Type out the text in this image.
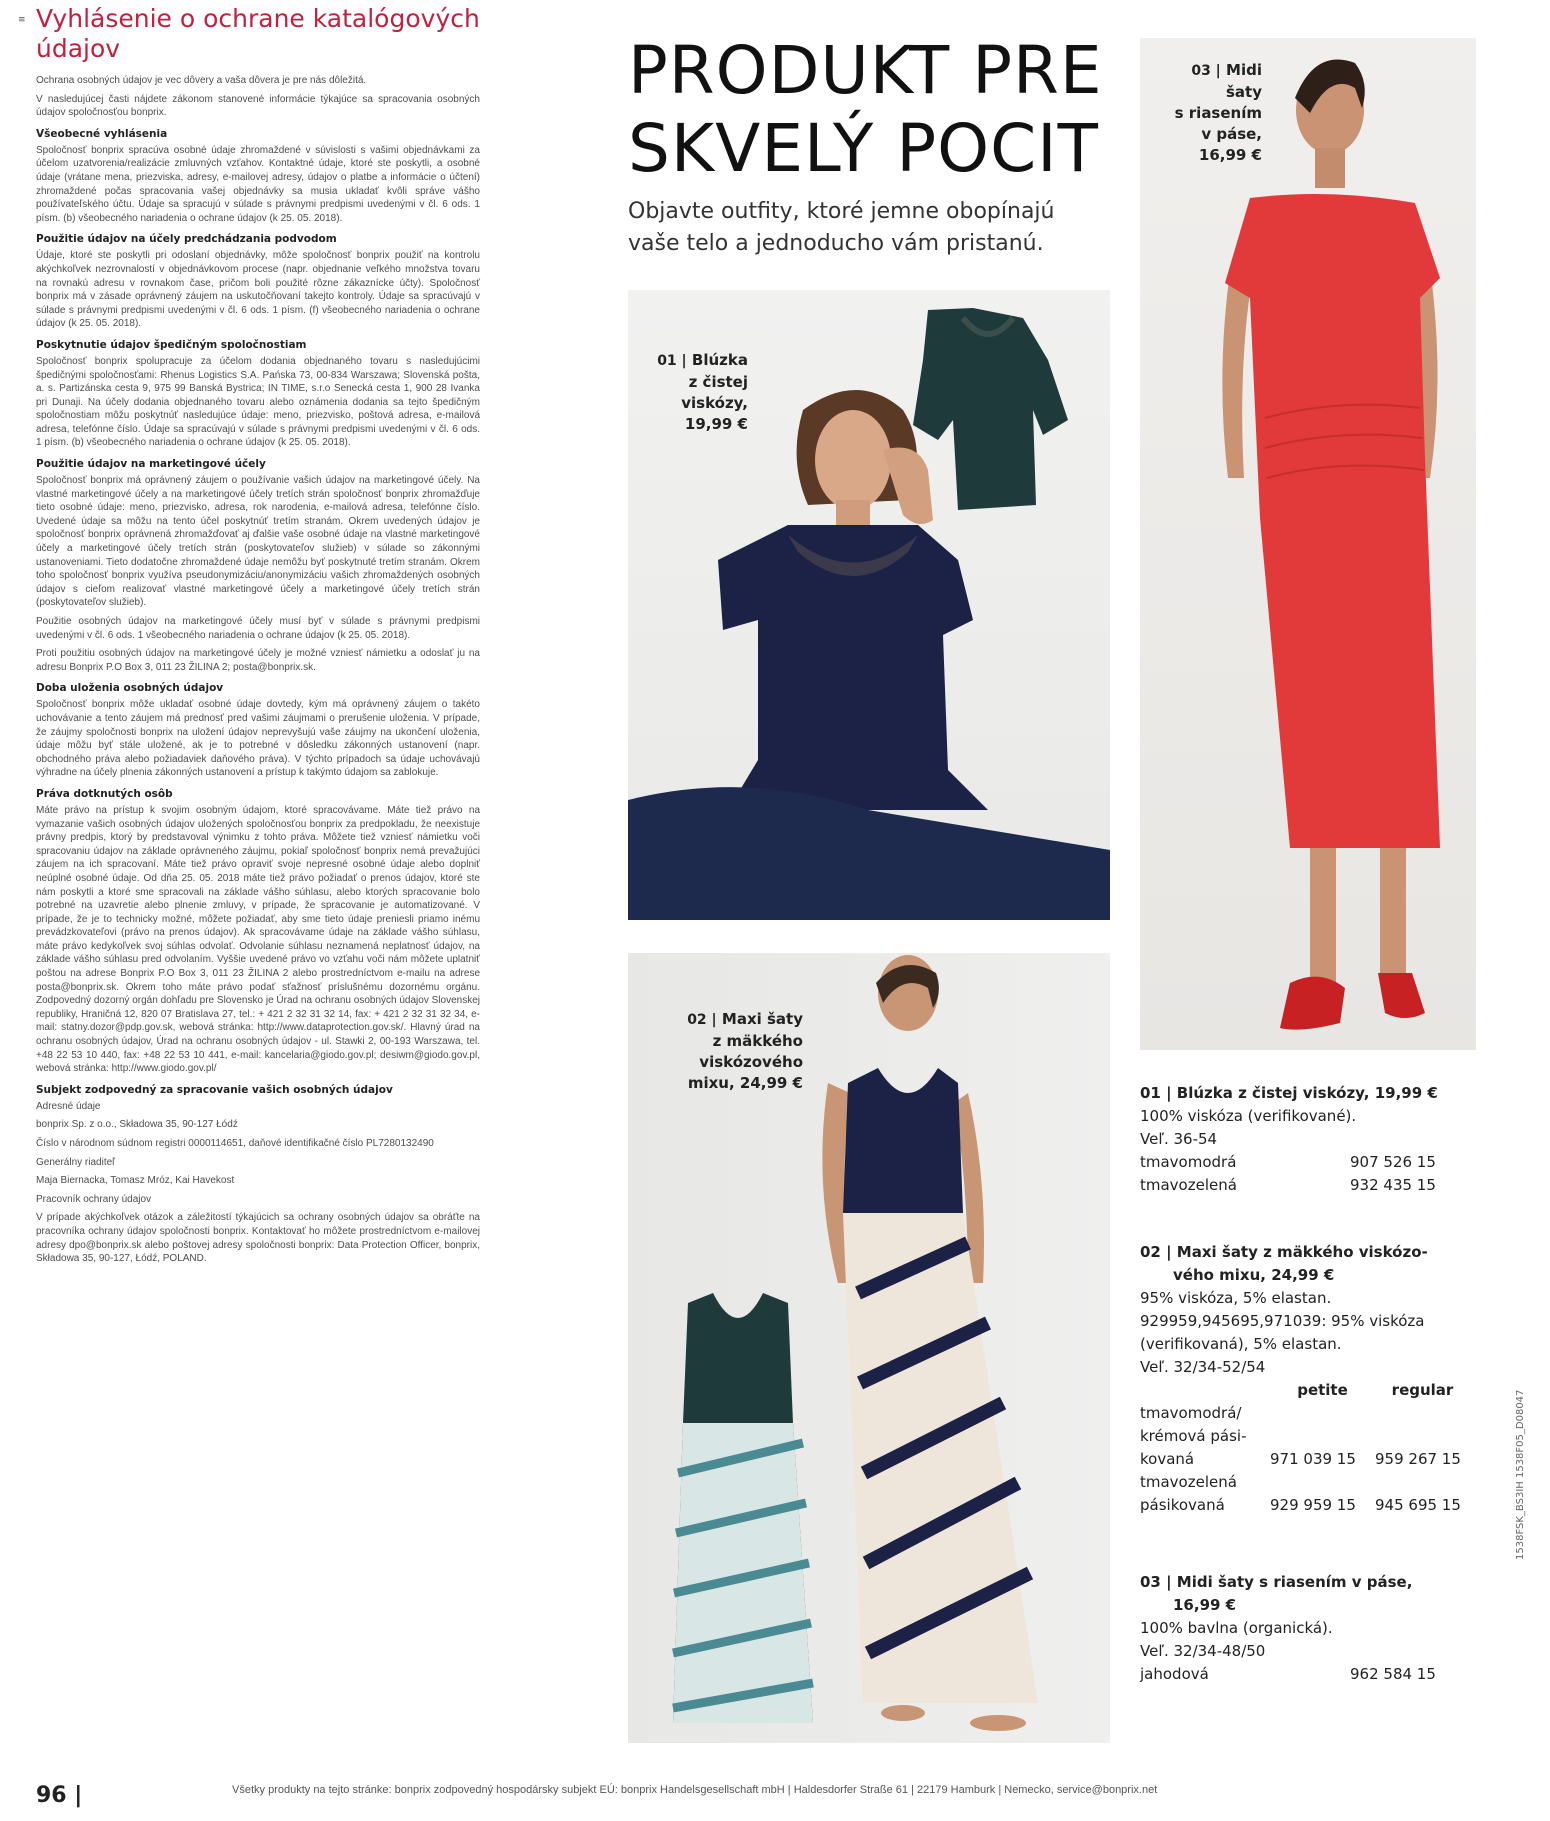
≡ Vyhlásenie o ochrane katalógových údajov

Ochrana osobných údajov je vec dôvery a vaša dôvera je pre nás dôležitá.

V nasledujúcej časti nájdete zákonom stanovené informácie týkajúce sa spracovania osobných údajov spoločnosťou bonprix.

Všeobecné vyhlásenia

Spoločnosť bonprix spracúva osobné údaje zhromaždené v súvislosti s vašimi objednávkami za účelom uzatvorenia/realizácie zmluvných vzťahov. Kontaktné údaje, ktoré ste poskytli, a osobné údaje (vrátane mena, priezviska, adresy, e-mailovej adresy, údajov o platbe a informácie o účtení) zhromaždené počas spracovania vašej objednávky sa musia ukladať kvôli správe vášho používateľského účtu. Údaje sa spracujú v súlade s právnymi predpismi uvedenými v čl. 6 ods. 1 písm. (b) všeobecného nariadenia o ochrane údajov (k 25. 05. 2018).

Použitie údajov na účely predchádzania podvodom

Údaje, ktoré ste poskytli pri odoslaní objednávky, môže spoločnosť bonprix použiť na kontrolu akýchkoľvek nezrovnalostí v objednávkovom procese (napr. objednanie veľkého množstva tovaru na rovnakú adresu v rovnakom čase, pričom boli použité rôzne zákaznícke účty). Spoločnosť bonprix má v zásade oprávnený záujem na uskutočňovaní takejto kontroly. Údaje sa spracúvajú v súlade s právnymi predpismi uvedenými v čl. 6 ods. 1 písm. (f) všeobecného nariadenia o ochrane údajov (k 25. 05. 2018).

Poskytnutie údajov špedičným spoločnostiam

Spoločnosť bonprix spolupracuje za účelom dodania objednaného tovaru s nasledujúcimi špedičnými spoločnosťami: Rhenus Logistics S.A. Pańska 73, 00-834 Warszawa; Slovenská pošta, a. s. Partizánska cesta 9, 975 99 Banská Bystrica; IN TIME, s.r.o Senecká cesta 1, 900 28 Ivanka pri Dunaji. Na účely dodania objednaného tovaru alebo oznámenia dodania sa tejto špedičným spoločnostiam môžu poskytnúť nasledujúce údaje: meno, priezvisko, poštová adresa, e-mailová adresa, telefónne číslo. Údaje sa spracúvajú v súlade s právnymi predpismi uvedenými v čl. 6 ods. 1 písm. (b) všeobecného nariadenia o ochrane údajov (k 25. 05. 2018).

Použitie údajov na marketingové účely

Spoločnosť bonprix má oprávnený záujem o používanie vašich údajov na marketingové účely. Na vlastné marketingové účely a na marketingové účely tretích strán spoločnosť bonprix zhromažďuje tieto osobné údaje: meno, priezvisko, adresa, rok narodenia, e-mailová adresa, telefónne číslo. Uvedené údaje sa môžu na tento účel poskytnúť tretím stranám. Okrem uvedených údajov je spoločnosť bonprix oprávnená zhromažďovať aj ďalšie vaše osobné údaje na vlastné marketingové účely a marketingové účely tretích strán (poskytovateľov služieb) v súlade so zákonnými ustanoveniami. Tieto dodatočne zhromaždené údaje nemôžu byť poskytnuté tretím stranám. Okrem toho spoločnosť bonprix využíva pseudonymizáciu/anonymizáciu vašich zhromaždených osobných údajov s cieľom realizovať vlastné marketingové účely a marketingové účely tretích strán (poskytovateľov služieb).

Použitie osobných údajov na marketingové účely musí byť v súlade s právnymi predpismi uvedenými v čl. 6 ods. 1 všeobecného nariadenia o ochrane údajov (k 25. 05. 2018).

Proti použitiu osobných údajov na marketingové účely je možné vzniesť námietku a odoslať ju na adresu Bonprix P.O Box 3, 011 23 ŽILINA 2; posta@bonprix.sk.

Doba uloženia osobných údajov

Spoločnosť bonprix môže ukladať osobné údaje dovtedy, kým má oprávnený záujem o takéto uchovávanie a tento záujem má prednosť pred vašimi záujmami o prerušenie uloženia. V prípade, že záujmy spoločnosti bonprix na uložení údajov neprevyšujú vaše záujmy na ukončení uloženia, údaje môžu byť stále uložené, ak je to potrebné v dôsledku zákonných ustanovení (napr. obchodného práva alebo požiadaviek daňového práva). V týchto prípadoch sa údaje uchovávajú výhradne na účely plnenia zákonných ustanovení a prístup k takýmto údajom sa zablokuje.

Práva dotknutých osôb

Máte právo na prístup k svojim osobným údajom, ktoré spracovávame. Máte tiež právo na vymazanie vašich osobných údajov uložených spoločnosťou bonprix za predpokladu, že neexistuje právny predpis, ktorý by predstavoval výnimku z tohto práva. Môžete tiež vzniesť námietku voči spracovaniu údajov na základe oprávneného záujmu, pokiaľ spoločnosť bonprix nemá prevažujúci záujem na ich spracovaní. Máte tiež právo opraviť svoje nepresné osobné údaje alebo doplniť neúplné osobné údaje. Od dňa 25. 05. 2018 máte tiež právo požiadať o prenos údajov, ktoré ste nám poskytli a ktoré sme spracovali na základe vášho súhlasu, alebo ktorých spracovanie bolo potrebné na uzavretie alebo plnenie zmluvy, v prípade, že spracovanie je automatizované. V prípade, že je to technicky možné, môžete požiadať, aby sme tieto údaje preniesli priamo inému prevádzkovateľovi (právo na prenos údajov). Ak spracovávame údaje na základe vášho súhlasu, máte právo kedykoľvek svoj súhlas odvolať. Odvolanie súhlasu neznamená neplatnosť údajov, na základe vášho súhlasu pred odvolaním. Vyššie uvedené právo vo vzťahu voči nám môžete uplatniť poštou na adrese Bonprix P.O Box 3, 011 23 ŽILINA 2 alebo prostredníctvom e-mailu na adrese posta@bonprix.sk. Okrem toho máte právo podať sťažnosť príslušnému dozornému orgánu. Zodpovedný dozorný orgán dohľadu pre Slovensko je Úrad na ochranu osobných údajov Slovenskej republiky, Hraničná 12, 820 07 Bratislava 27, tel.: + 421 2 32 31 32 14, fax: + 421 2 32 31 32 34, e-mail: statny.dozor@pdp.gov.sk, webová stránka: http://www.dataprotection.gov.sk/. Hlavný úrad na ochranu osobných údajov, Úrad na ochranu osobných údajov - ul. Stawki 2, 00-193 Warszawa, tel. +48 22 53 10 440, fax: +48 22 53 10 441, e-mail: kancelaria@giodo.gov.pl; desiwm@giodo.gov.pl, webová stránka: http://www.giodo.gov.pl/

Subjekt zodpovedný za spracovanie vašich osobných údajov

Adresné údaje

bonprix Sp. z o.o., Składowa 35, 90-127 Łódź

Číslo v národnom súdnom registri 0000114651, daňové identifikačné číslo PL7280132490

Generálny riaditeľ

Maja Biernacka, Tomasz Mróz, Kai Havekost

Pracovník ochrany údajov

V prípade akýchkoľvek otázok a záležitostí týkajúcich sa ochrany osobných údajov sa obráťte na pracovníka ochrany údajov spoločnosti bonprix. Kontaktovať ho môžete prostredníctvom e-mailovej adresy dpo@bonprix.sk alebo poštovej adresy spoločnosti bonprix: Data Protection Officer, bonprix, Składowa 35, 90-127, Łódź, POLAND.

PRODUKT PRE SKVELÝ POCIT
Objavte outfity, ktoré jemne obopínajú vaše telo a jednoducho vám pristanú.
01 | Blúzka
z čistej
viskózy,
19,99 €
02 | Maxi šaty
z mäkkého
viskózového
mixu, 24,99 €
03 | Midi šaty
s riasením
v páse,
16,99 €
01 | Blúzka z čistej viskózy, 19,99 €
100% viskóza (verifikované).
Veľ. 36-54
tmavomodrá	907 526 15
tmavozelená	932 435 15
02 | Maxi šaty z mäkkého viskózo-
vého mixu, 24,99 €
95% viskóza, 5% elastan.
929959,945695,971039: 95% viskóza (verifikovaná), 5% elastan.
Veľ. 32/34-52/54
	petite	regular

tmavomodrá/
krémová pási-
kovaná	971 039 15	959 267 15

tmavozelená
pásikovaná	929 959 15	945 695 15
03 | Midi šaty s riasením v páse,
16,99 €
100% bavlna (organická).
Veľ. 32/34-48/50
jahodová	962 584 15
96 |	Všetky produkty na tejto stránke: bonprix zodpovedný hospodársky subjekt EÚ: bonprix Handelsgesellschaft mbH | Haldesdorfer Straße 61 | 22179 Hamburk | Nemecko, service@bonprix.net
1538FSK_BS3IH 1538F05_D08047
